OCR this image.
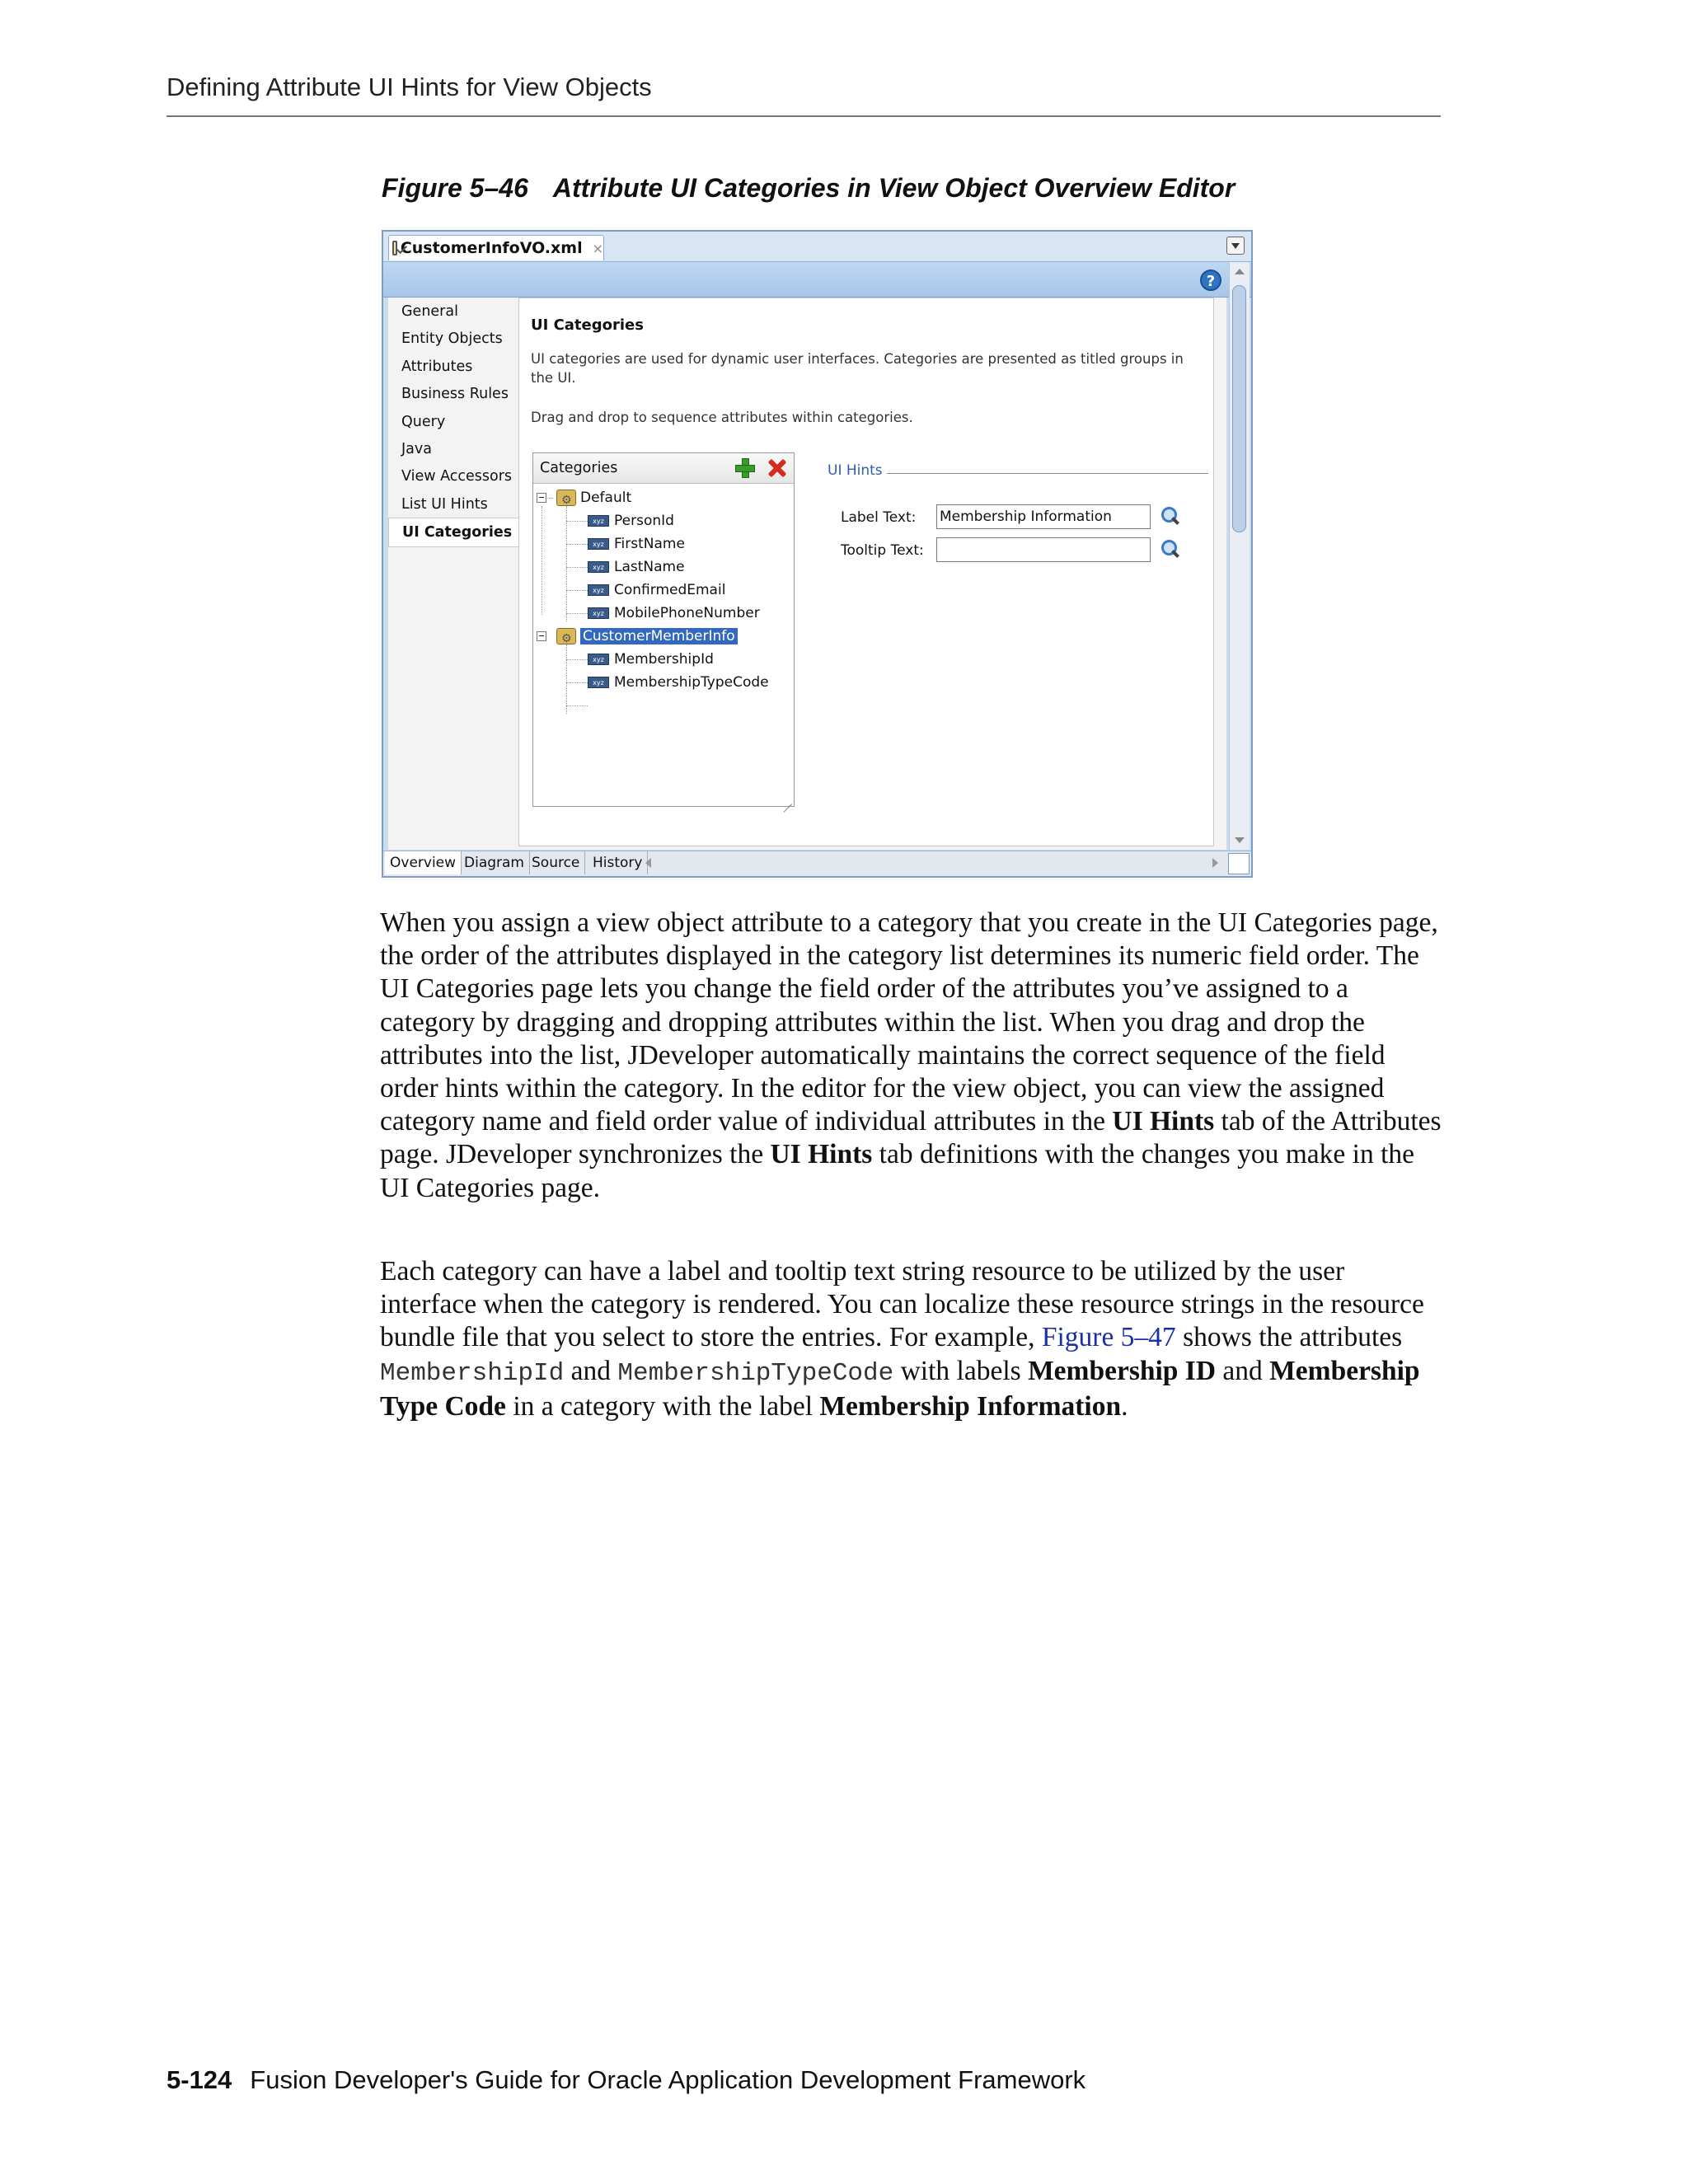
Defining Attribute UI Hints for View Objects
Figure 5–46 Attribute UI Categories in View Object Overview Editor
CustomerInfoVO.xml ×
?
General
Entity Objects
Attributes
Business Rules
Query
Java
View Accessors
List UI Hints
UI Categories
UI Categories
UI categories are used for dynamic user interfaces. Categories are presented as titled groups in the UI.
Drag and drop to sequence attributes within categories.
Categories
⚙Default
xyz PersonId
xyz FirstName
xyz LastName
xyz ConfirmedEmail
xyz MobilePhoneNumber
⚙CustomerMemberInfo
xyz MembershipId
xyz MembershipTypeCode
UI Hints
Label Text: Membership Information
Tooltip Text:
Overview Diagram Source History
When you assign a view object attribute to a category that you create in the UI Categories page, the order of the attributes displayed in the category list determines its numeric field order. The UI Categories page lets you change the field order of the attributes you’ve assigned to a category by dragging and dropping attributes within the list. When you drag and drop the attributes into the list, JDeveloper automatically maintains the correct sequence of the field order hints within the category. In the editor for the view object, you can view the assigned category name and field order value of individual attributes in the UI Hints tab of the Attributes page. JDeveloper synchronizes the UI Hints tab definitions with the changes you make in the UI Categories page.
Each category can have a label and tooltip text string resource to be utilized by the user interface when the category is rendered. You can localize these resource strings in the resource bundle file that you select to store the entries. For example, Figure 5–47 shows the attributes MembershipId and MembershipTypeCode with labels Membership ID and Membership Type Code in a category with the label Membership Information.
5-124 Fusion Developer's Guide for Oracle Application Development Framework
